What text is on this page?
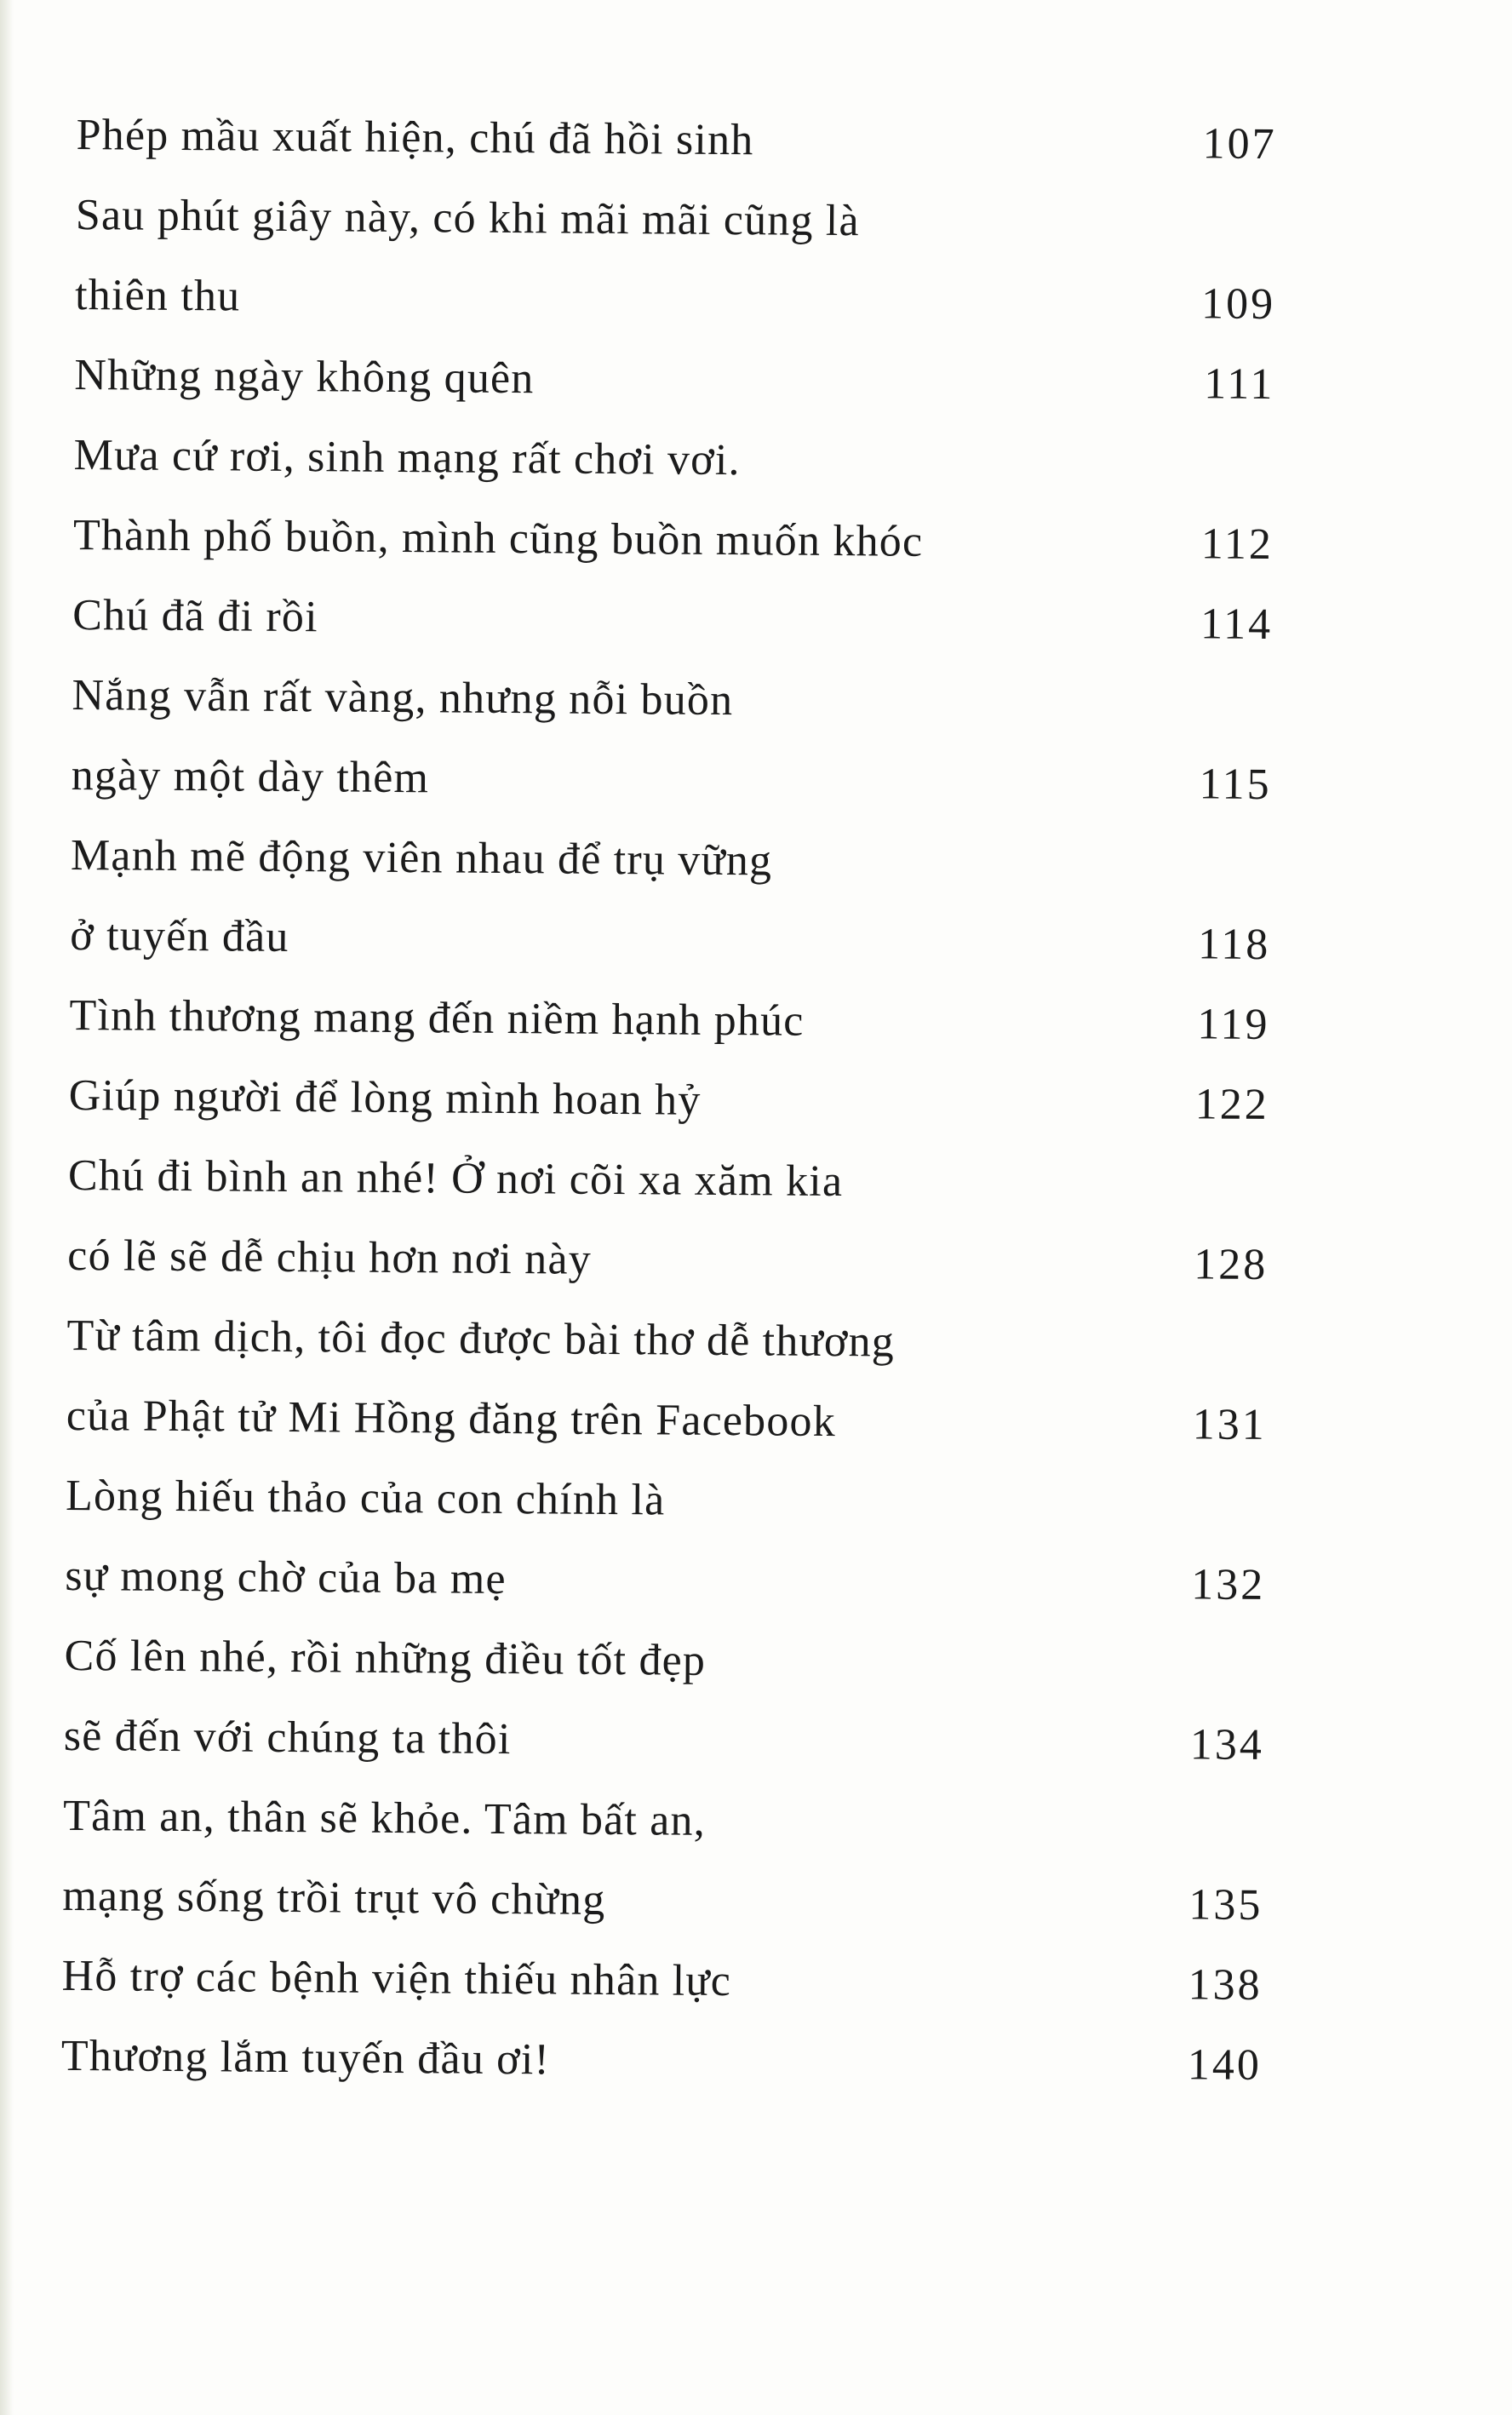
Phép mầu xuất hiện, chú đã hồi sinh	107
Sau phút giây này, có khi mãi mãi cũng là
thiên thu	109
Những ngày không quên	111
Mưa cứ rơi, sinh mạng rất chơi vơi.
Thành phố buồn, mình cũng buồn muốn khóc	112
Chú đã đi rồi	114
Nắng vẫn rất vàng, nhưng nỗi buồn
ngày một dày thêm	115
Mạnh mẽ động viên nhau để trụ vững
ở tuyến đầu	118
Tình thương mang đến niềm hạnh phúc	119
Giúp người để lòng mình hoan hỷ	122
Chú đi bình an nhé! Ở nơi cõi xa xăm kia
có lẽ sẽ dễ chịu hơn nơi này	128
Từ tâm dịch, tôi đọc được bài thơ dễ thương
của Phật tử Mi Hồng đăng trên Facebook	131
Lòng hiếu thảo của con chính là
sự mong chờ của ba mẹ	132
Cố lên nhé, rồi những điều tốt đẹp
sẽ đến với chúng ta thôi	134
Tâm an, thân sẽ khỏe. Tâm bất an,
mạng sống trồi trụt vô chừng	135
Hỗ trợ các bệnh viện thiếu nhân lực	138
Thương lắm tuyến đầu ơi!	140
